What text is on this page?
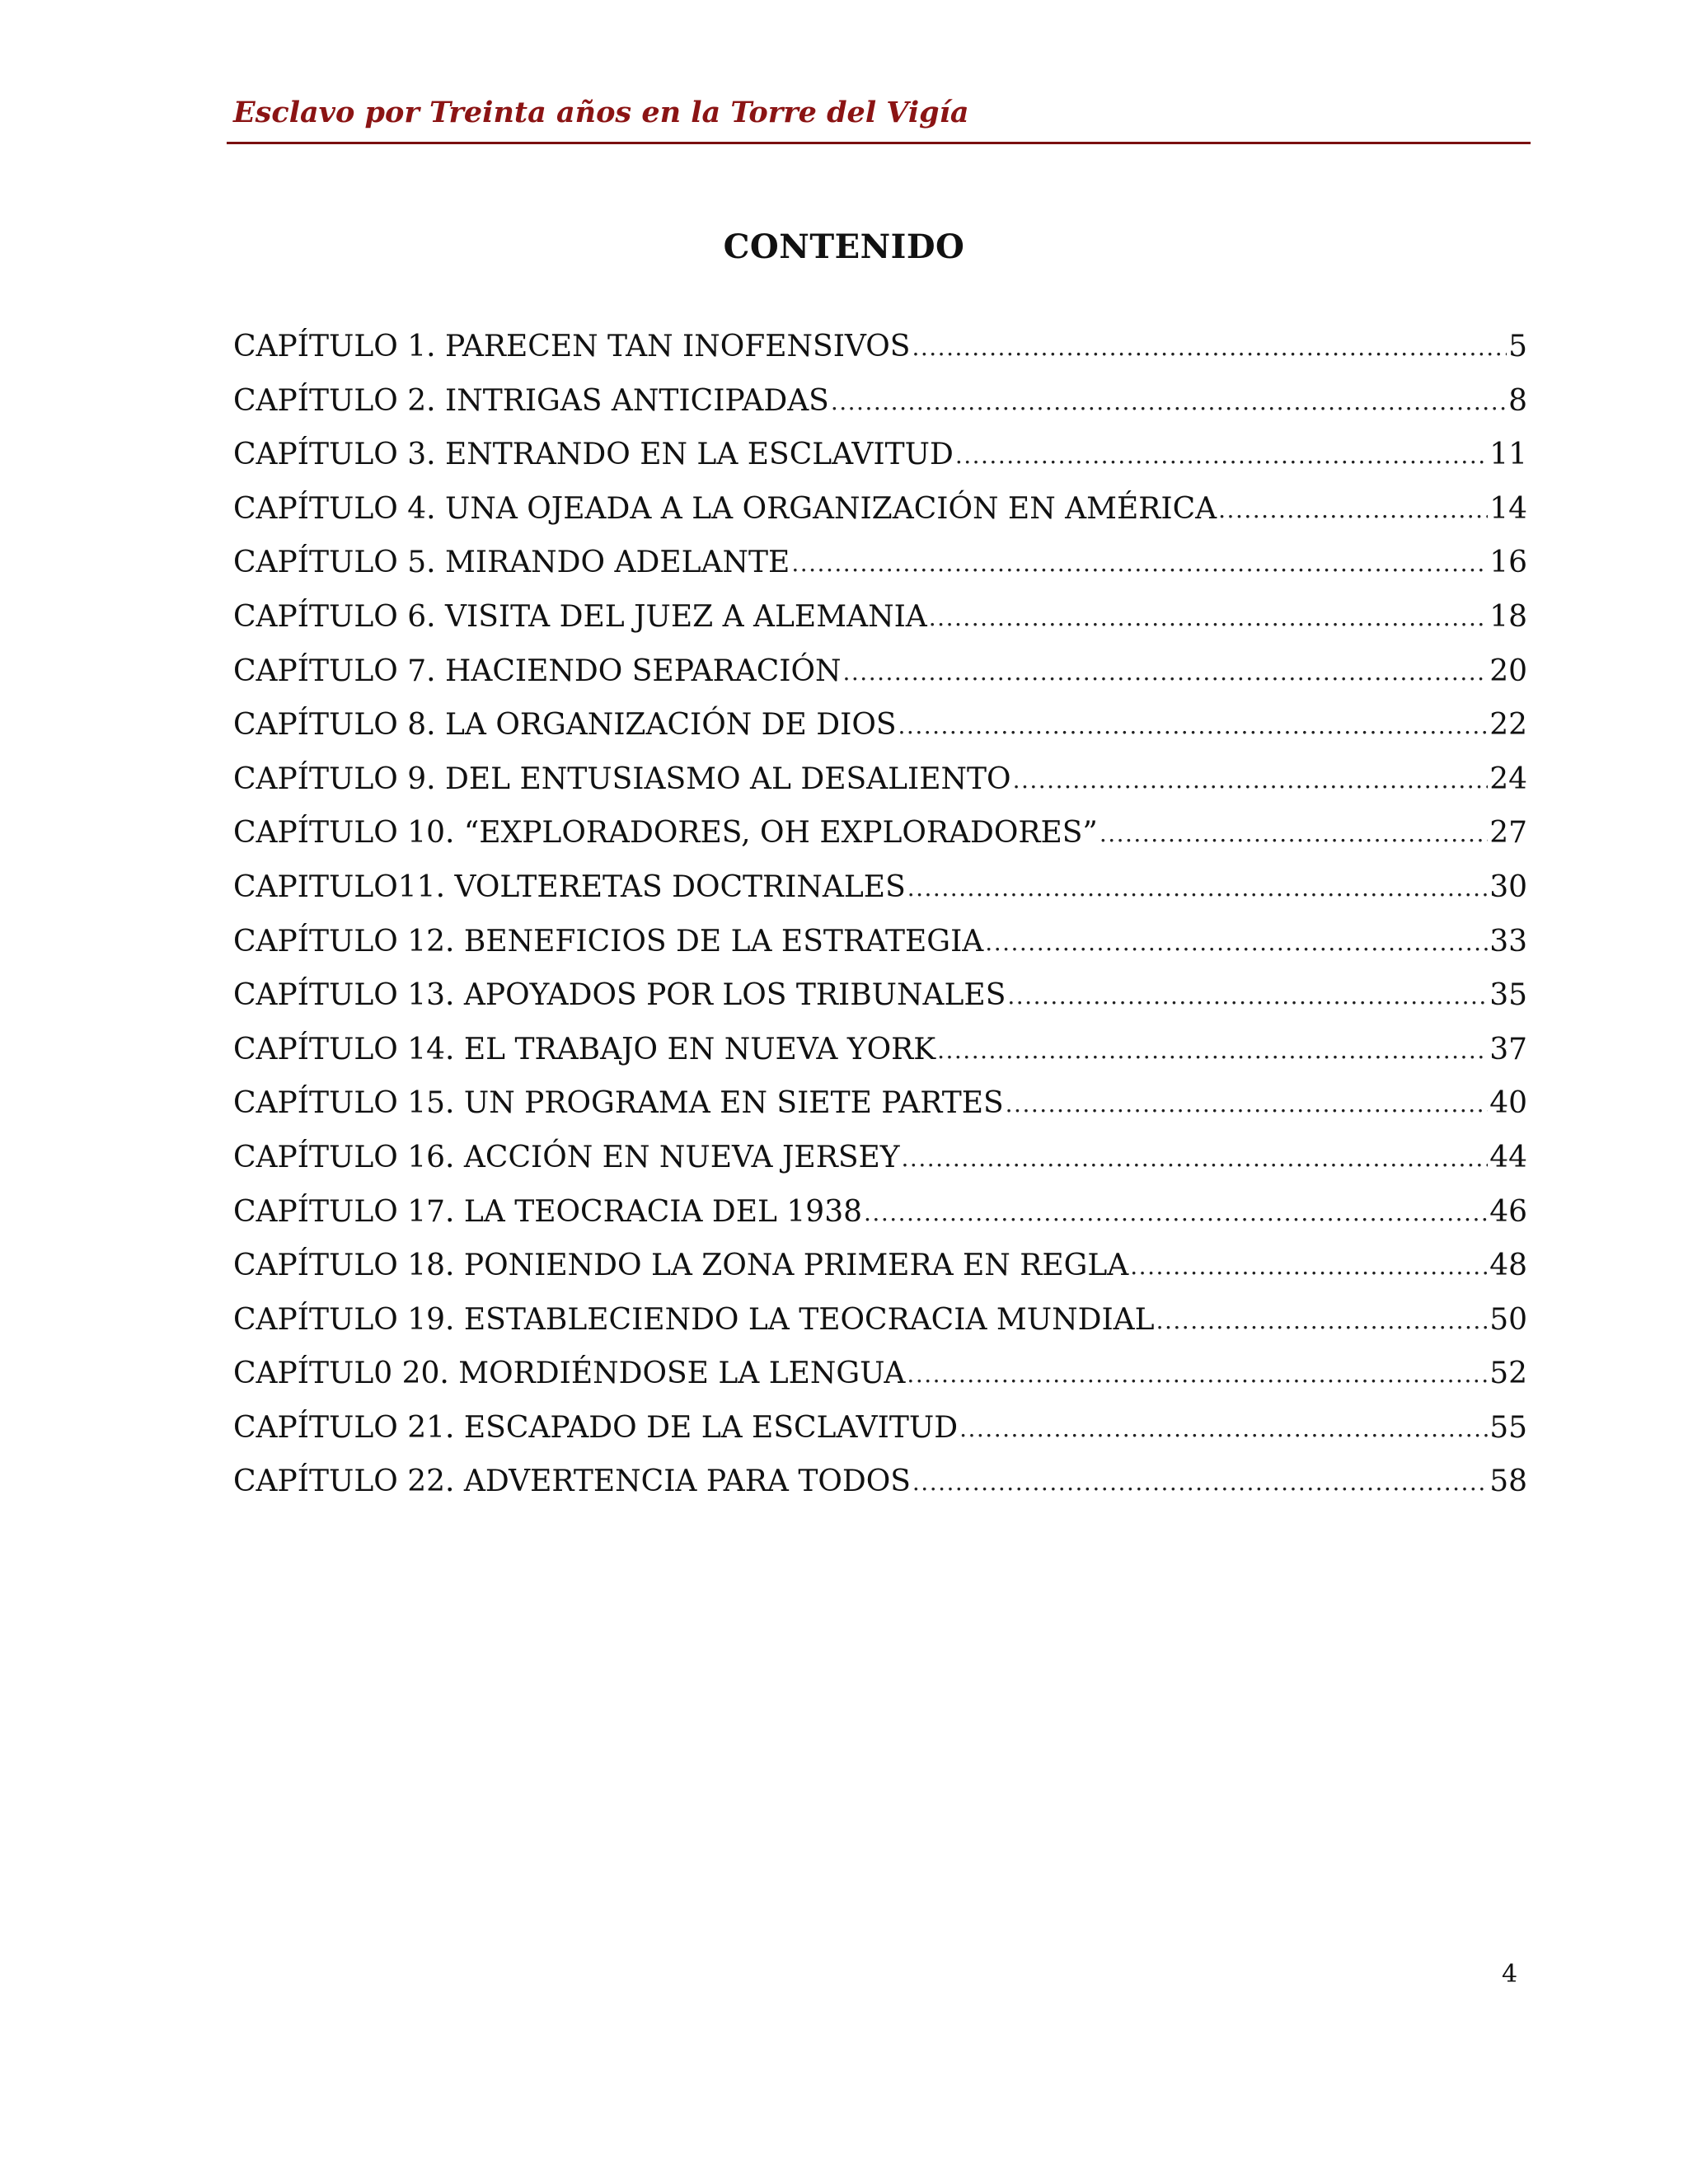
Esclavo por Treinta años en la Torre del Vigía
CONTENIDO
CAPÍTULO 1. PARECEN TAN INOFENSIVOS .....	5
CAPÍTULO 2. INTRIGAS ANTICIPADAS .....	8
CAPÍTULO 3. ENTRANDO EN LA ESCLAVITUD .....	11
CAPÍTULO 4. UNA OJEADA A LA ORGANIZACIÓN EN AMÉRICA .....	14
CAPÍTULO 5. MIRANDO ADELANTE .....	16
CAPÍTULO 6. VISITA DEL JUEZ A ALEMANIA .....	18
CAPÍTULO 7. HACIENDO SEPARACIÓN .....	20
CAPÍTULO 8. LA ORGANIZACIÓN DE DIOS .....	22
CAPÍTULO 9. DEL ENTUSIASMO AL DESALIENTO .....	24
CAPÍTULO 10. “EXPLORADORES, OH EXPLORADORES” .....	27
CAPITULO11. VOLTERETAS DOCTRINALES .....	30
CAPÍTULO 12. BENEFICIOS DE LA ESTRATEGIA .....	33
CAPÍTULO 13. APOYADOS POR LOS TRIBUNALES .....	35
CAPÍTULO 14. EL TRABAJO EN NUEVA YORK .....	37
CAPÍTULO 15. UN PROGRAMA EN SIETE PARTES .....	40
CAPÍTULO 16. ACCIÓN EN NUEVA JERSEY .....	44
CAPÍTULO 17. LA TEOCRACIA DEL 1938 .....	46
CAPÍTULO 18. PONIENDO LA ZONA PRIMERA EN REGLA .....	48
CAPÍTULO 19. ESTABLECIENDO LA TEOCRACIA MUNDIAL .....	50
CAPÍTUL0 20. MORDIÉNDOSE LA LENGUA .....	52
CAPÍTULO 21. ESCAPADO DE LA ESCLAVITUD .....	55
CAPÍTULO 22. ADVERTENCIA PARA TODOS .....	58
4
